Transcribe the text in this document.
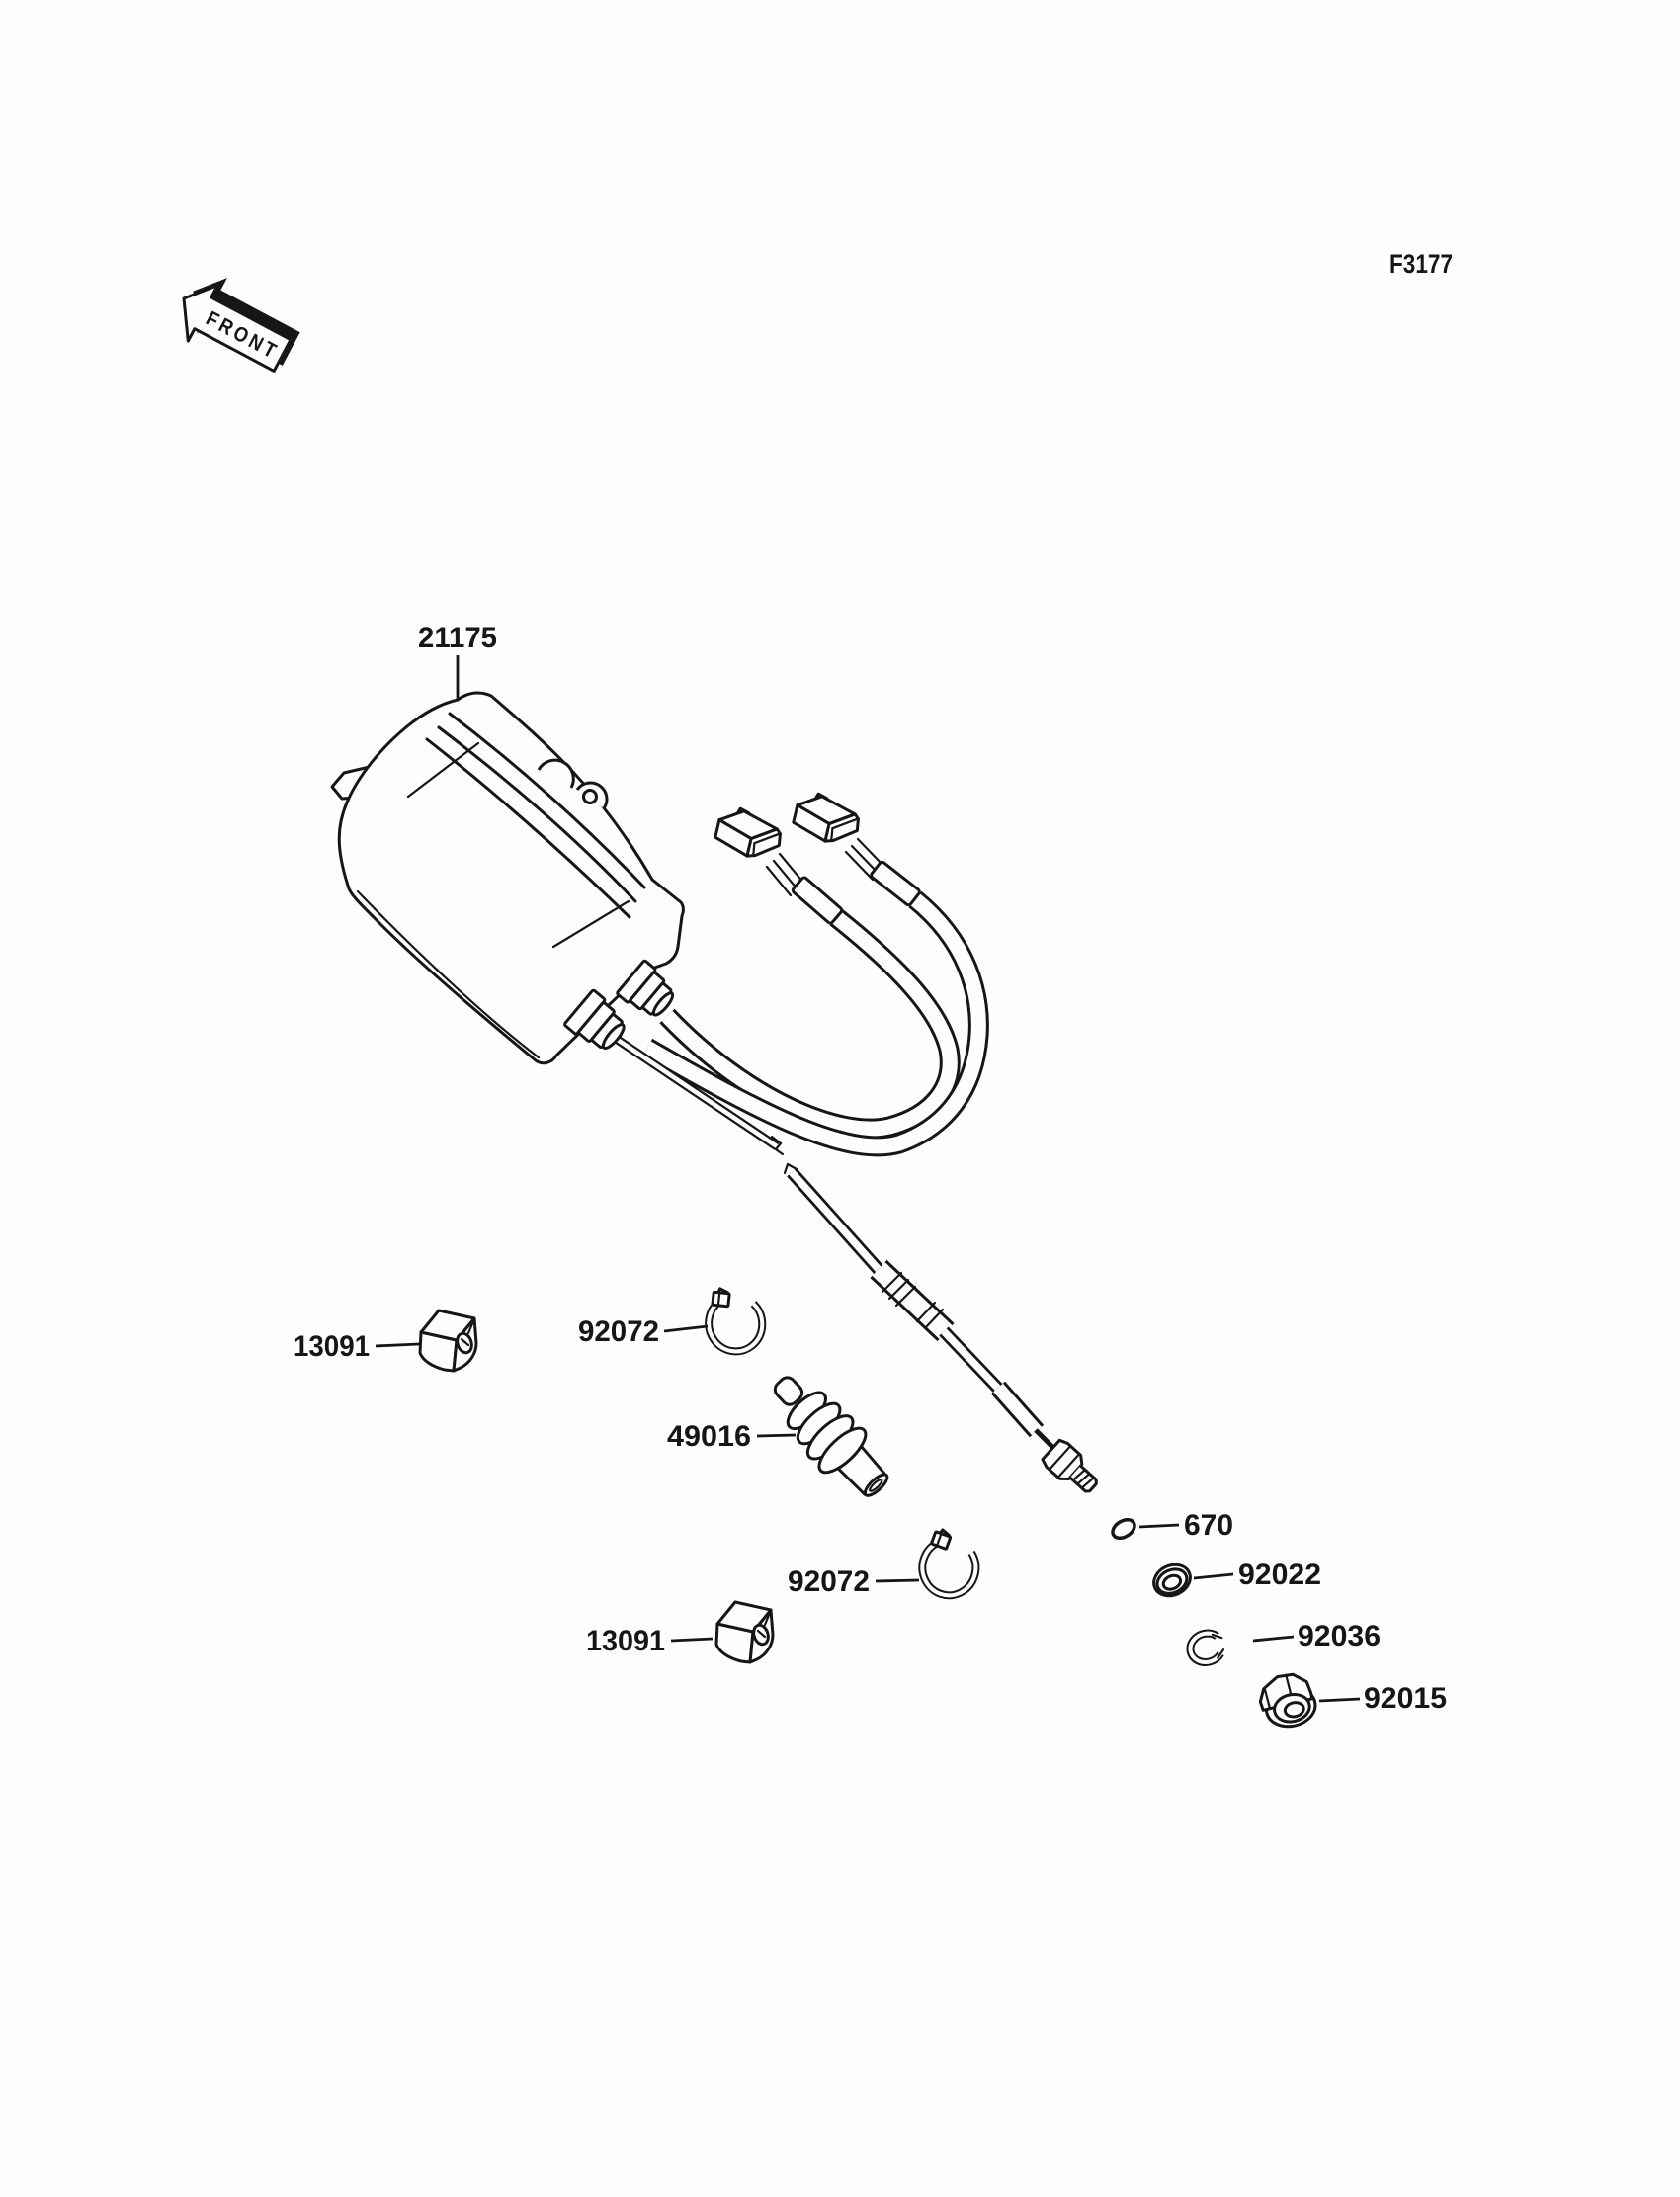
FRONT
F3177
21175
13091	92072
49016
92072
13091
670
92022
92036
92015
